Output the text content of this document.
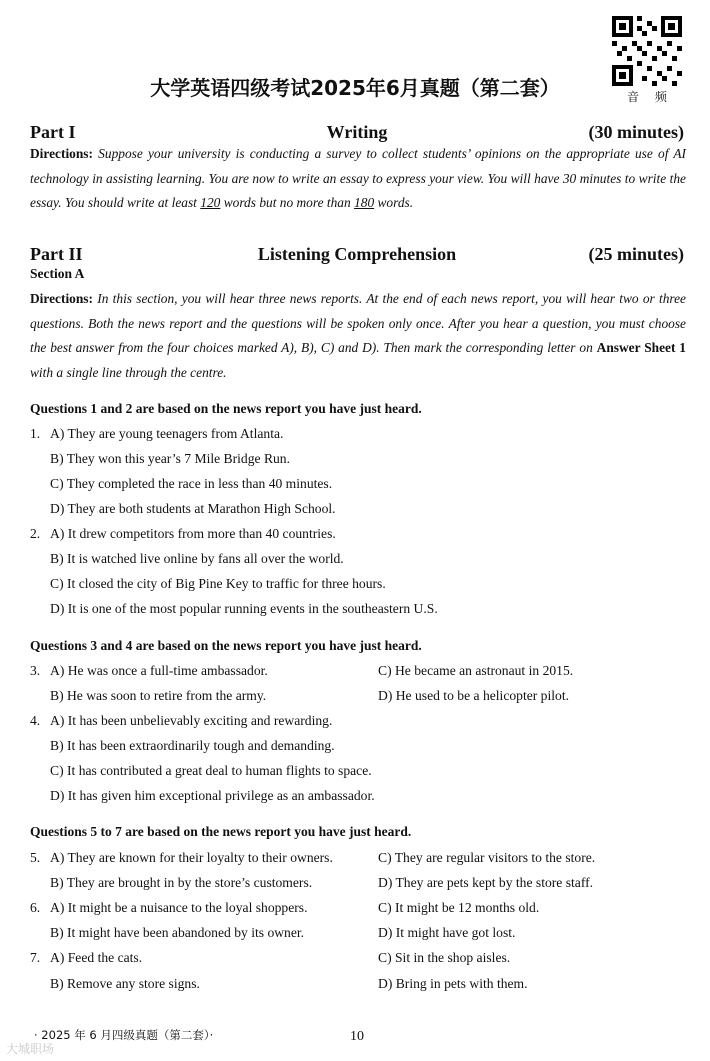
音 频
大学英语四级考试2025年6月真题（第二套）
Part I	Writing	(30 minutes)
Directions: Suppose your university is conducting a survey to collect students’ opinions on the appropriate use of AI technology in assisting learning. You are now to write an essay to express your view. You will have 30 minutes to write the essay. You should write at least 120 words but no more than 180 words.
Part II	Listening Comprehension	(25 minutes)
Section A
Directions: In this section, you will hear three news reports. At the end of each news report, you will hear two or three questions. Both the news report and the questions will be spoken only once. After you hear a question, you must choose the best answer from the four choices marked A), B), C) and D). Then mark the corresponding letter on Answer Sheet 1 with a single line through the centre.
Questions 1 and 2 are based on the news report you have just heard.
1. A) They are young teenagers from Atlanta.
B) They won this year’s 7 Mile Bridge Run.
C) They completed the race in less than 40 minutes.
D) They are both students at Marathon High School.
2. A) It drew competitors from more than 40 countries.
B) It is watched live online by fans all over the world.
C) It closed the city of Big Pine Key to traffic for three hours.
D) It is one of the most popular running events in the southeastern U.S.
Questions 3 and 4 are based on the news report you have just heard.
3. A) He was once a full-time ambassador.	C) He became an astronaut in 2015.
B) He was soon to retire from the army.	D) He used to be a helicopter pilot.
4. A) It has been unbelievably exciting and rewarding.
B) It has been extraordinarily tough and demanding.
C) It has contributed a great deal to human flights to space.
D) It has given him exceptional privilege as an ambassador.
Questions 5 to 7 are based on the news report you have just heard.
5. A) They are known for their loyalty to their owners.	C) They are regular visitors to the store.
B) They are brought in by the store’s customers.	D) They are pets kept by the store staff.
6. A) It might be a nuisance to the loyal shoppers.	C) It might be 12 months old.
B) It might have been abandoned by its owner.	D) It might have got lost.
7. A) Feed the cats.	C) Sit in the shop aisles.
B) Remove any store signs.	D) Bring in pets with them.
· 2025 年 6 月四级真题（第二套）·	10
大城职场
